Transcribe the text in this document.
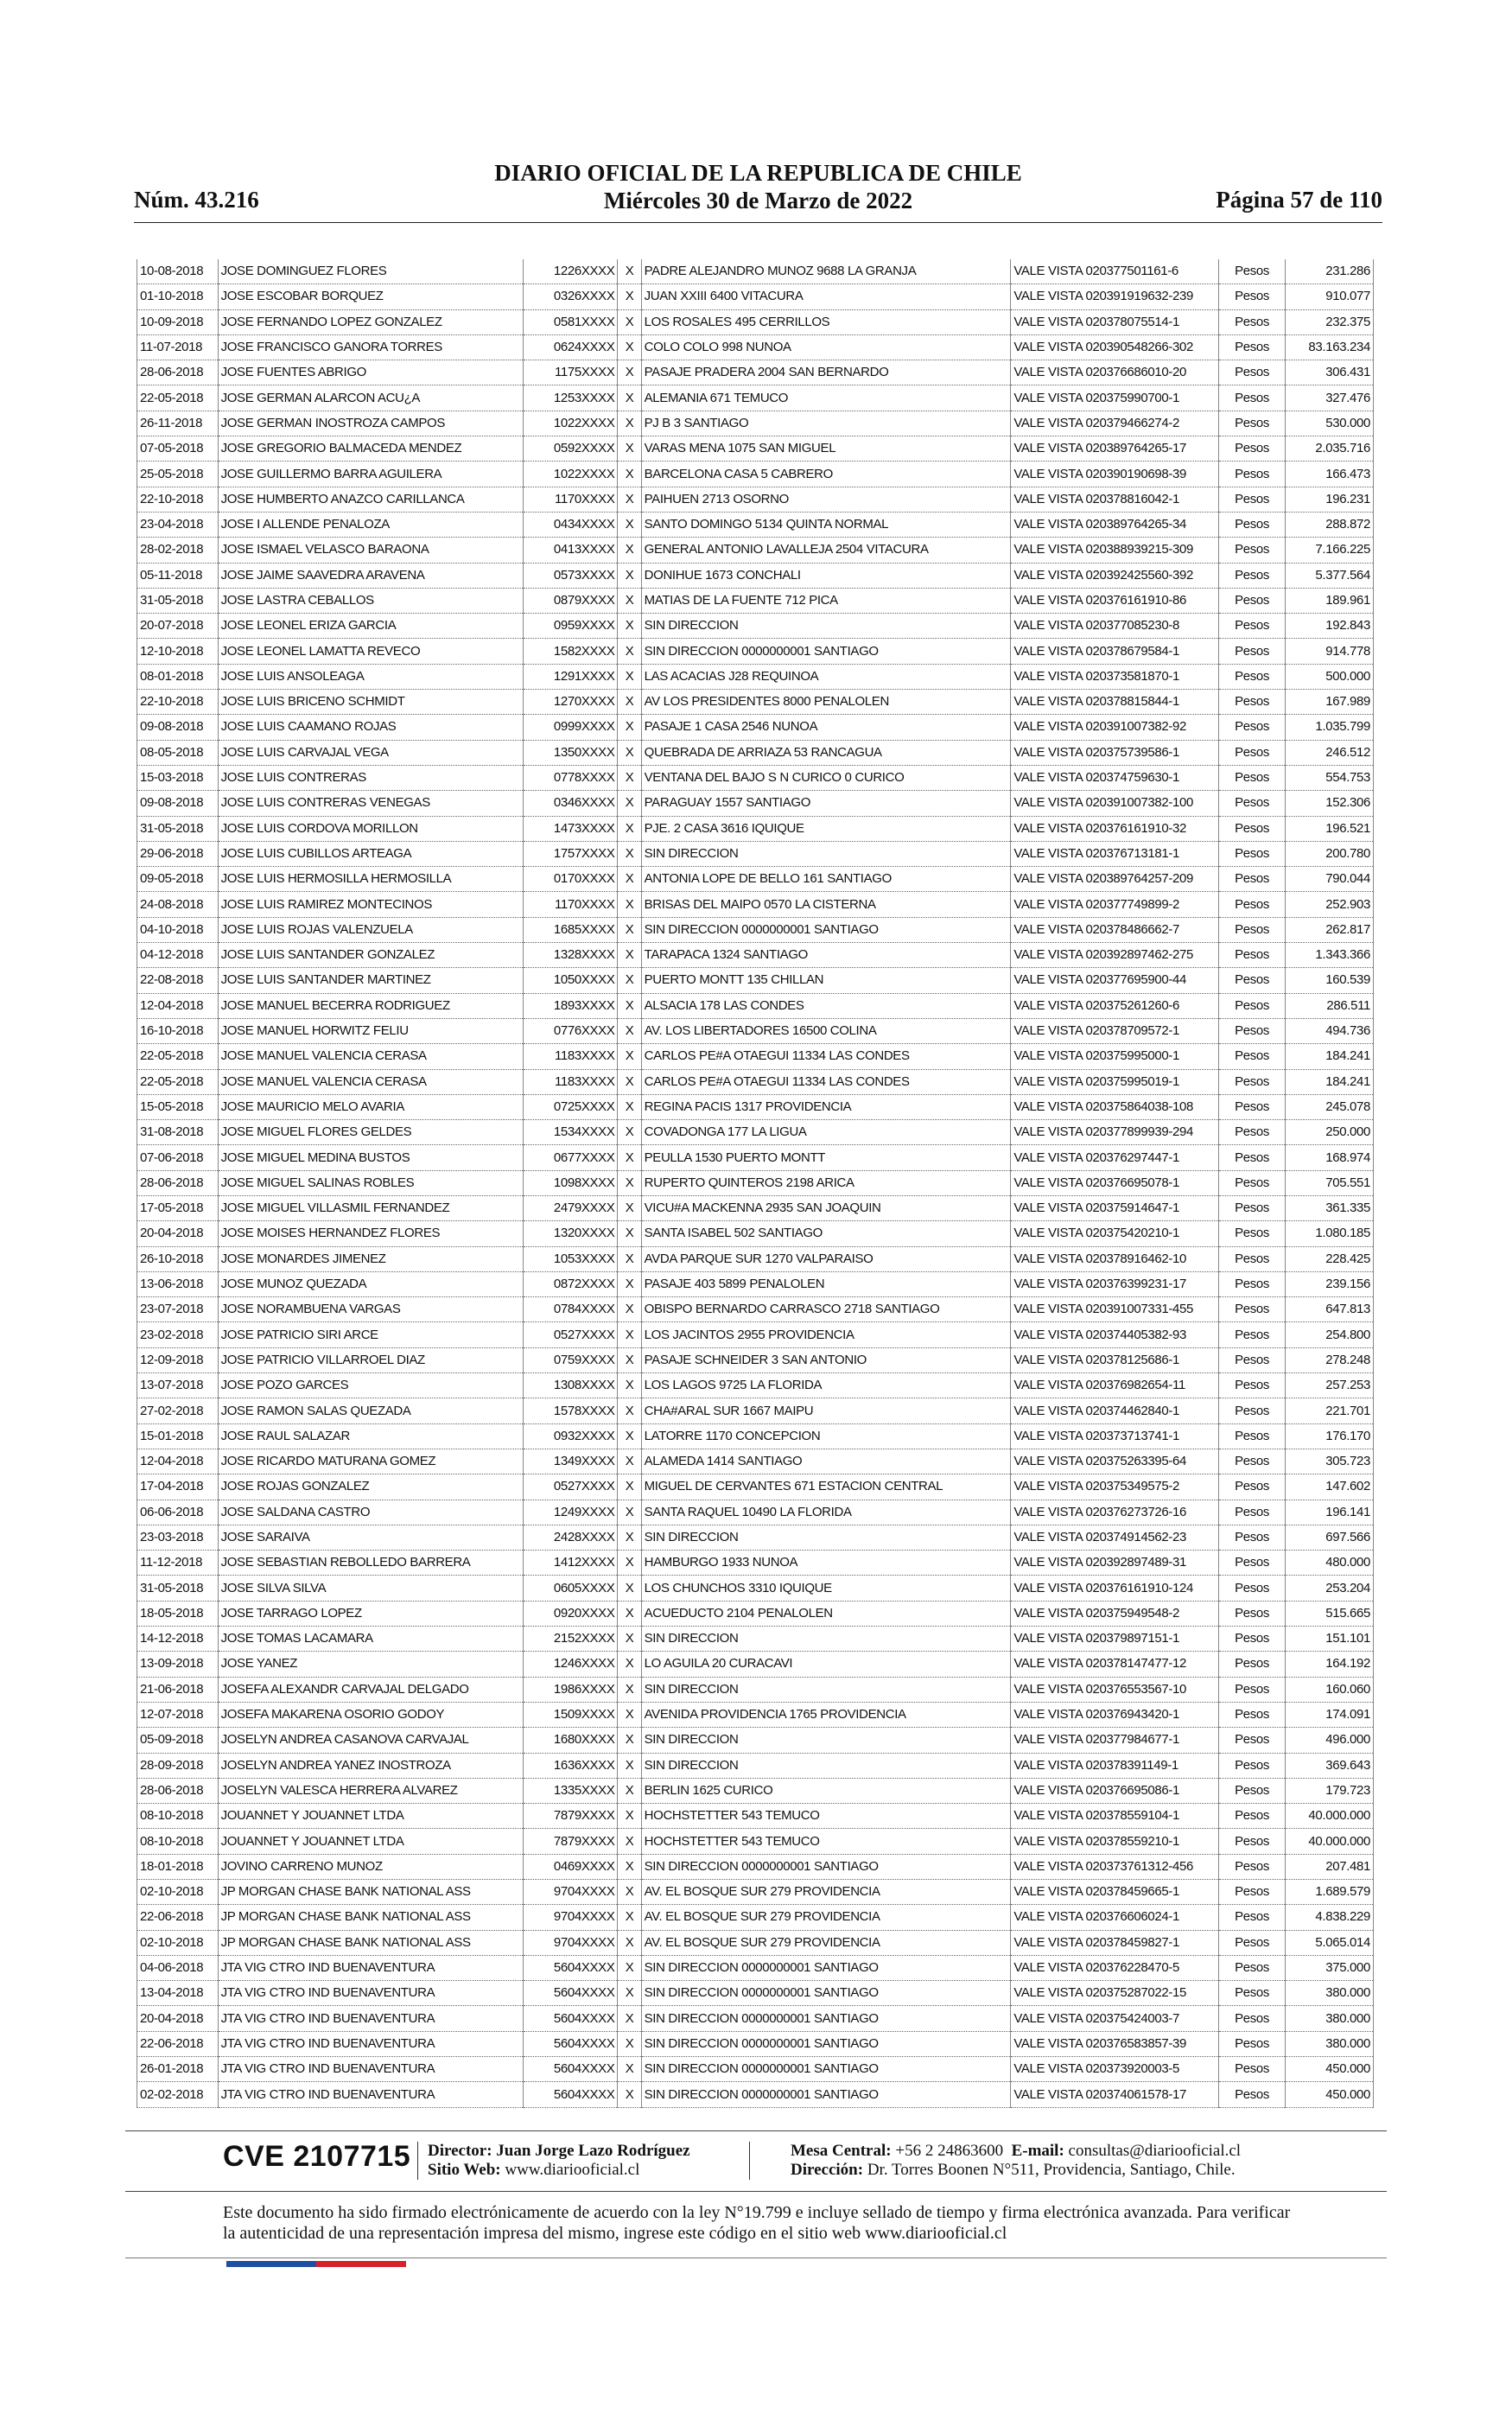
DIARIO OFICIAL DE LA REPUBLICA DE CHILE
Miércoles 30 de Marzo de 2022
Núm. 43.216	Página 57 de 110
10-08-2018	JOSE DOMINGUEZ FLORES	1226XXXX	X	PADRE ALEJANDRO MUNOZ 9688 LA GRANJA	VALE VISTA 020377501161-6	Pesos	231.286
01-10-2018	JOSE ESCOBAR BORQUEZ	0326XXXX	X	JUAN XXIII 6400 VITACURA	VALE VISTA 020391919632-239	Pesos	910.077
10-09-2018	JOSE FERNANDO LOPEZ GONZALEZ	0581XXXX	X	LOS ROSALES 495 CERRILLOS	VALE VISTA 020378075514-1	Pesos	232.375
11-07-2018	JOSE FRANCISCO GANORA TORRES	0624XXXX	X	COLO COLO 998 NUNOA	VALE VISTA 020390548266-302	Pesos	83.163.234
28-06-2018	JOSE FUENTES ABRIGO	1175XXXX	X	PASAJE PRADERA 2004 SAN BERNARDO	VALE VISTA 020376686010-20	Pesos	306.431
22-05-2018	JOSE GERMAN ALARCON ACU¿A	1253XXXX	X	ALEMANIA 671 TEMUCO	VALE VISTA 020375990700-1	Pesos	327.476
26-11-2018	JOSE GERMAN INOSTROZA CAMPOS	1022XXXX	X	PJ B 3 SANTIAGO	VALE VISTA 020379466274-2	Pesos	530.000
07-05-2018	JOSE GREGORIO BALMACEDA MENDEZ	0592XXXX	X	VARAS MENA 1075 SAN MIGUEL	VALE VISTA 020389764265-17	Pesos	2.035.716
25-05-2018	JOSE GUILLERMO BARRA AGUILERA	1022XXXX	X	BARCELONA CASA 5 CABRERO	VALE VISTA 020390190698-39	Pesos	166.473
22-10-2018	JOSE HUMBERTO ANAZCO CARILLANCA	1170XXXX	X	PAIHUEN 2713 OSORNO	VALE VISTA 020378816042-1	Pesos	196.231
23-04-2018	JOSE I ALLENDE PENALOZA	0434XXXX	X	SANTO DOMINGO 5134 QUINTA NORMAL	VALE VISTA 020389764265-34	Pesos	288.872
28-02-2018	JOSE ISMAEL VELASCO BARAONA	0413XXXX	X	GENERAL ANTONIO LAVALLEJA 2504 VITACURA	VALE VISTA 020388939215-309	Pesos	7.166.225
05-11-2018	JOSE JAIME SAAVEDRA ARAVENA	0573XXXX	X	DONIHUE 1673 CONCHALI	VALE VISTA 020392425560-392	Pesos	5.377.564
31-05-2018	JOSE LASTRA CEBALLOS	0879XXXX	X	MATIAS DE LA FUENTE 712 PICA	VALE VISTA 020376161910-86	Pesos	189.961
20-07-2018	JOSE LEONEL ERIZA GARCIA	0959XXXX	X	SIN DIRECCION	VALE VISTA 020377085230-8	Pesos	192.843
12-10-2018	JOSE LEONEL LAMATTA REVECO	1582XXXX	X	SIN DIRECCION 0000000001 SANTIAGO	VALE VISTA 020378679584-1	Pesos	914.778
08-01-2018	JOSE LUIS ANSOLEAGA	1291XXXX	X	LAS ACACIAS J28 REQUINOA	VALE VISTA 020373581870-1	Pesos	500.000
22-10-2018	JOSE LUIS BRICENO SCHMIDT	1270XXXX	X	AV LOS PRESIDENTES 8000 PENALOLEN	VALE VISTA 020378815844-1	Pesos	167.989
09-08-2018	JOSE LUIS CAAMANO ROJAS	0999XXXX	X	PASAJE 1 CASA 2546 NUNOA	VALE VISTA 020391007382-92	Pesos	1.035.799
08-05-2018	JOSE LUIS CARVAJAL VEGA	1350XXXX	X	QUEBRADA DE ARRIAZA 53 RANCAGUA	VALE VISTA 020375739586-1	Pesos	246.512
15-03-2018	JOSE LUIS CONTRERAS	0778XXXX	X	VENTANA DEL BAJO S N CURICO 0 CURICO	VALE VISTA 020374759630-1	Pesos	554.753
09-08-2018	JOSE LUIS CONTRERAS VENEGAS	0346XXXX	X	PARAGUAY 1557 SANTIAGO	VALE VISTA 020391007382-100	Pesos	152.306
31-05-2018	JOSE LUIS CORDOVA MORILLON	1473XXXX	X	PJE. 2 CASA 3616 IQUIQUE	VALE VISTA 020376161910-32	Pesos	196.521
29-06-2018	JOSE LUIS CUBILLOS ARTEAGA	1757XXXX	X	SIN DIRECCION	VALE VISTA 020376713181-1	Pesos	200.780
09-05-2018	JOSE LUIS HERMOSILLA HERMOSILLA	0170XXXX	X	ANTONIA LOPE DE BELLO 161 SANTIAGO	VALE VISTA 020389764257-209	Pesos	790.044
24-08-2018	JOSE LUIS RAMIREZ MONTECINOS	1170XXXX	X	BRISAS DEL MAIPO 0570 LA CISTERNA	VALE VISTA 020377749899-2	Pesos	252.903
04-10-2018	JOSE LUIS ROJAS VALENZUELA	1685XXXX	X	SIN DIRECCION 0000000001 SANTIAGO	VALE VISTA 020378486662-7	Pesos	262.817
04-12-2018	JOSE LUIS SANTANDER GONZALEZ	1328XXXX	X	TARAPACA 1324 SANTIAGO	VALE VISTA 020392897462-275	Pesos	1.343.366
22-08-2018	JOSE LUIS SANTANDER MARTINEZ	1050XXXX	X	PUERTO MONTT 135 CHILLAN	VALE VISTA 020377695900-44	Pesos	160.539
12-04-2018	JOSE MANUEL BECERRA RODRIGUEZ	1893XXXX	X	ALSACIA 178 LAS CONDES	VALE VISTA 020375261260-6	Pesos	286.511
16-10-2018	JOSE MANUEL HORWITZ FELIU	0776XXXX	X	AV. LOS LIBERTADORES 16500 COLINA	VALE VISTA 020378709572-1	Pesos	494.736
22-05-2018	JOSE MANUEL VALENCIA CERASA	1183XXXX	X	CARLOS PE#A OTAEGUI 11334 LAS CONDES	VALE VISTA 020375995000-1	Pesos	184.241
22-05-2018	JOSE MANUEL VALENCIA CERASA	1183XXXX	X	CARLOS PE#A OTAEGUI 11334 LAS CONDES	VALE VISTA 020375995019-1	Pesos	184.241
15-05-2018	JOSE MAURICIO MELO AVARIA	0725XXXX	X	REGINA PACIS 1317 PROVIDENCIA	VALE VISTA 020375864038-108	Pesos	245.078
31-08-2018	JOSE MIGUEL FLORES GELDES	1534XXXX	X	COVADONGA 177 LA LIGUA	VALE VISTA 020377899939-294	Pesos	250.000
07-06-2018	JOSE MIGUEL MEDINA BUSTOS	0677XXXX	X	PEULLA 1530 PUERTO MONTT	VALE VISTA 020376297447-1	Pesos	168.974
28-06-2018	JOSE MIGUEL SALINAS ROBLES	1098XXXX	X	RUPERTO QUINTEROS 2198 ARICA	VALE VISTA 020376695078-1	Pesos	705.551
17-05-2018	JOSE MIGUEL VILLASMIL FERNANDEZ	2479XXXX	X	VICU#A MACKENNA 2935 SAN JOAQUIN	VALE VISTA 020375914647-1	Pesos	361.335
20-04-2018	JOSE MOISES HERNANDEZ FLORES	1320XXXX	X	SANTA ISABEL 502 SANTIAGO	VALE VISTA 020375420210-1	Pesos	1.080.185
26-10-2018	JOSE MONARDES JIMENEZ	1053XXXX	X	AVDA PARQUE SUR 1270 VALPARAISO	VALE VISTA 020378916462-10	Pesos	228.425
13-06-2018	JOSE MUNOZ QUEZADA	0872XXXX	X	PASAJE 403 5899 PENALOLEN	VALE VISTA 020376399231-17	Pesos	239.156
23-07-2018	JOSE NORAMBUENA VARGAS	0784XXXX	X	OBISPO BERNARDO CARRASCO 2718 SANTIAGO	VALE VISTA 020391007331-455	Pesos	647.813
23-02-2018	JOSE PATRICIO SIRI ARCE	0527XXXX	X	LOS JACINTOS 2955 PROVIDENCIA	VALE VISTA 020374405382-93	Pesos	254.800
12-09-2018	JOSE PATRICIO VILLARROEL DIAZ	0759XXXX	X	PASAJE SCHNEIDER 3 SAN ANTONIO	VALE VISTA 020378125686-1	Pesos	278.248
13-07-2018	JOSE POZO GARCES	1308XXXX	X	LOS LAGOS 9725 LA FLORIDA	VALE VISTA 020376982654-11	Pesos	257.253
27-02-2018	JOSE RAMON SALAS QUEZADA	1578XXXX	X	CHA#ARAL SUR 1667 MAIPU	VALE VISTA 020374462840-1	Pesos	221.701
15-01-2018	JOSE RAUL SALAZAR	0932XXXX	X	LATORRE 1170 CONCEPCION	VALE VISTA 020373713741-1	Pesos	176.170
12-04-2018	JOSE RICARDO MATURANA GOMEZ	1349XXXX	X	ALAMEDA 1414 SANTIAGO	VALE VISTA 020375263395-64	Pesos	305.723
17-04-2018	JOSE ROJAS GONZALEZ	0527XXXX	X	MIGUEL DE CERVANTES 671 ESTACION CENTRAL	VALE VISTA 020375349575-2	Pesos	147.602
06-06-2018	JOSE SALDANA CASTRO	1249XXXX	X	SANTA RAQUEL 10490 LA FLORIDA	VALE VISTA 020376273726-16	Pesos	196.141
23-03-2018	JOSE SARAIVA	2428XXXX	X	SIN DIRECCION	VALE VISTA 020374914562-23	Pesos	697.566
11-12-2018	JOSE SEBASTIAN REBOLLEDO BARRERA	1412XXXX	X	HAMBURGO 1933 NUNOA	VALE VISTA 020392897489-31	Pesos	480.000
31-05-2018	JOSE SILVA SILVA	0605XXXX	X	LOS CHUNCHOS 3310 IQUIQUE	VALE VISTA 020376161910-124	Pesos	253.204
18-05-2018	JOSE TARRAGO LOPEZ	0920XXXX	X	ACUEDUCTO 2104 PENALOLEN	VALE VISTA 020375949548-2	Pesos	515.665
14-12-2018	JOSE TOMAS LACAMARA	2152XXXX	X	SIN DIRECCION	VALE VISTA 020379897151-1	Pesos	151.101
13-09-2018	JOSE YANEZ	1246XXXX	X	LO AGUILA 20 CURACAVI	VALE VISTA 020378147477-12	Pesos	164.192
21-06-2018	JOSEFA ALEXANDR CARVAJAL DELGADO	1986XXXX	X	SIN DIRECCION	VALE VISTA 020376553567-10	Pesos	160.060
12-07-2018	JOSEFA MAKARENA OSORIO GODOY	1509XXXX	X	AVENIDA PROVIDENCIA 1765 PROVIDENCIA	VALE VISTA 020376943420-1	Pesos	174.091
05-09-2018	JOSELYN ANDREA CASANOVA CARVAJAL	1680XXXX	X	SIN DIRECCION	VALE VISTA 020377984677-1	Pesos	496.000
28-09-2018	JOSELYN ANDREA YANEZ INOSTROZA	1636XXXX	X	SIN DIRECCION	VALE VISTA 020378391149-1	Pesos	369.643
28-06-2018	JOSELYN VALESCA HERRERA ALVAREZ	1335XXXX	X	BERLIN 1625 CURICO	VALE VISTA 020376695086-1	Pesos	179.723
08-10-2018	JOUANNET Y JOUANNET LTDA	7879XXXX	X	HOCHSTETTER 543 TEMUCO	VALE VISTA 020378559104-1	Pesos	40.000.000
08-10-2018	JOUANNET Y JOUANNET LTDA	7879XXXX	X	HOCHSTETTER 543 TEMUCO	VALE VISTA 020378559210-1	Pesos	40.000.000
18-01-2018	JOVINO CARRENO MUNOZ	0469XXXX	X	SIN DIRECCION 0000000001 SANTIAGO	VALE VISTA 020373761312-456	Pesos	207.481
02-10-2018	JP MORGAN CHASE BANK NATIONAL ASS	9704XXXX	X	AV. EL BOSQUE SUR 279 PROVIDENCIA	VALE VISTA 020378459665-1	Pesos	1.689.579
22-06-2018	JP MORGAN CHASE BANK NATIONAL ASS	9704XXXX	X	AV. EL BOSQUE SUR 279 PROVIDENCIA	VALE VISTA 020376606024-1	Pesos	4.838.229
02-10-2018	JP MORGAN CHASE BANK NATIONAL ASS	9704XXXX	X	AV. EL BOSQUE SUR 279 PROVIDENCIA	VALE VISTA 020378459827-1	Pesos	5.065.014
04-06-2018	JTA VIG CTRO IND BUENAVENTURA	5604XXXX	X	SIN DIRECCION 0000000001 SANTIAGO	VALE VISTA 020376228470-5	Pesos	375.000
13-04-2018	JTA VIG CTRO IND BUENAVENTURA	5604XXXX	X	SIN DIRECCION 0000000001 SANTIAGO	VALE VISTA 020375287022-15	Pesos	380.000
20-04-2018	JTA VIG CTRO IND BUENAVENTURA	5604XXXX	X	SIN DIRECCION 0000000001 SANTIAGO	VALE VISTA 020375424003-7	Pesos	380.000
22-06-2018	JTA VIG CTRO IND BUENAVENTURA	5604XXXX	X	SIN DIRECCION 0000000001 SANTIAGO	VALE VISTA 020376583857-39	Pesos	380.000
26-01-2018	JTA VIG CTRO IND BUENAVENTURA	5604XXXX	X	SIN DIRECCION 0000000001 SANTIAGO	VALE VISTA 020373920003-5	Pesos	450.000
02-02-2018	JTA VIG CTRO IND BUENAVENTURA	5604XXXX	X	SIN DIRECCION 0000000001 SANTIAGO	VALE VISTA 020374061578-17	Pesos	450.000
CVE 2107715 Director: Juan Jorge Lazo Rodríguez
Sitio Web: www.diariooficial.cl
Mesa Central: +56 2 24863600 E-mail: consultas@diariooficial.cl
Dirección: Dr. Torres Boonen N°511, Providencia, Santiago, Chile.
Este documento ha sido firmado electrónicamente de acuerdo con la ley N°19.799 e incluye sellado de tiempo y firma electrónica avanzada. Para verificar la autenticidad de una representación impresa del mismo, ingrese este código en el sitio web www.diariooficial.cl
